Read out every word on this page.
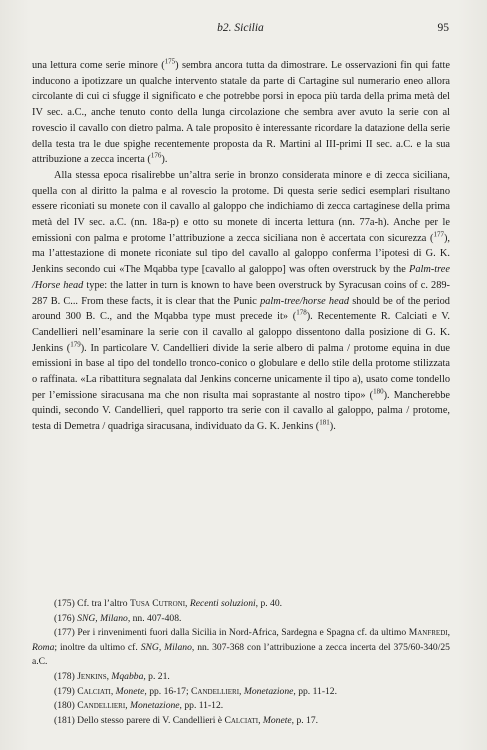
b2. Sicilia	95

una lettura come serie minore ($^{175}$) sembra ancora tutta da dimostrare. Le osservazioni fin qui fatte inducono a ipotizzare un qualche intervento statale da parte di Cartagine sul numerario eneo allora circolante di cui ci sfugge il significato e che potrebbe porsi in epoca più tarda della prima metà del IV sec. a.C., anche tenuto conto della lunga circolazione che sembra aver avuto la serie con al rovescio il cavallo con dietro palma. A tale proposito è interessante ricordare la datazione della serie della testa tra le due spighe recentemente proposta da R. Martini al III-primi II sec. a.C. e la sua attribuzione a zecca incerta ($^{176}$).

Alla stessa epoca risalirebbe un’altra serie in bronzo considerata minore e di zecca siciliana, quella con al diritto la palma e al rovescio la protome. Di questa serie sedici esemplari risultano essere riconiati su monete con il cavallo al galoppo che indichiamo di zecca cartaginese della prima metà del IV sec. a.C. (nn. 18a-p) e otto su monete di incerta lettura (nn. 77a-h). Anche per le emissioni con palma e protome l’attribuzione a zecca siciliana non è accertata con sicurezza ($^{177}$), ma l’attestazione di monete riconiate sul tipo del cavallo al galoppo conferma l’ipotesi di G. K. Jenkins secondo cui «The Mqabba type [cavallo al galoppo] was often overstruck by the Palm-tree /Horse head type: the latter in turn is known to have been overstruck by Syracusan coins of c. 289-287 B. C... From these facts, it is clear that the Punic palm-tree/horse head should be of the period around 300 B. C., and the Mqabba type must precede it» ($^{178}$). Recentemente R. Calciati e V. Candellieri nell’esaminare la serie con il cavallo al galoppo dissentono dalla posizione di G. K. Jenkins ($^{179}$). In particolare V. Candellieri divide la serie albero di palma / protome equina in due emissioni in base al tipo del tondello tronco-conico o globulare e dello stile della protome stilizzata o raffinata. «La ribattitura segnalata dal Jenkins concerne unicamente il tipo a), usato come tondello per l’emissione siracusana ma che non risulta mai soprastante al nostro tipo» ($^{180}$). Mancherebbe quindi, secondo V. Candellieri, quel rapporto tra serie con il cavallo al galoppo, palma / protome, testa di Demetra / quadriga siracusana, individuato da G. K. Jenkins ($^{181}$).

(175) Cf. tra l’altro Tusa Cutroni, Recenti soluzioni, p. 40.

(176) SNG, Milano, nn. 407-408.

(177) Per i rinvenimenti fuori dalla Sicilia in Nord-Africa, Sardegna e Spagna cf. da ultimo Manfredi, Roma; inoltre da ultimo cf. SNG, Milano, nn. 307-368 con l’attribuzione a zecca incerta del 375/60-340/25 a.C.

(178) Jenkins, Mqabba, p. 21.

(179) Calciati, Monete, pp. 16-17; Candellieri, Monetazione, pp. 11-12.

(180) Candellieri, Monetazione, pp. 11-12.

(181) Dello stesso parere di V. Candellieri è Calciati, Monete, p. 17.
